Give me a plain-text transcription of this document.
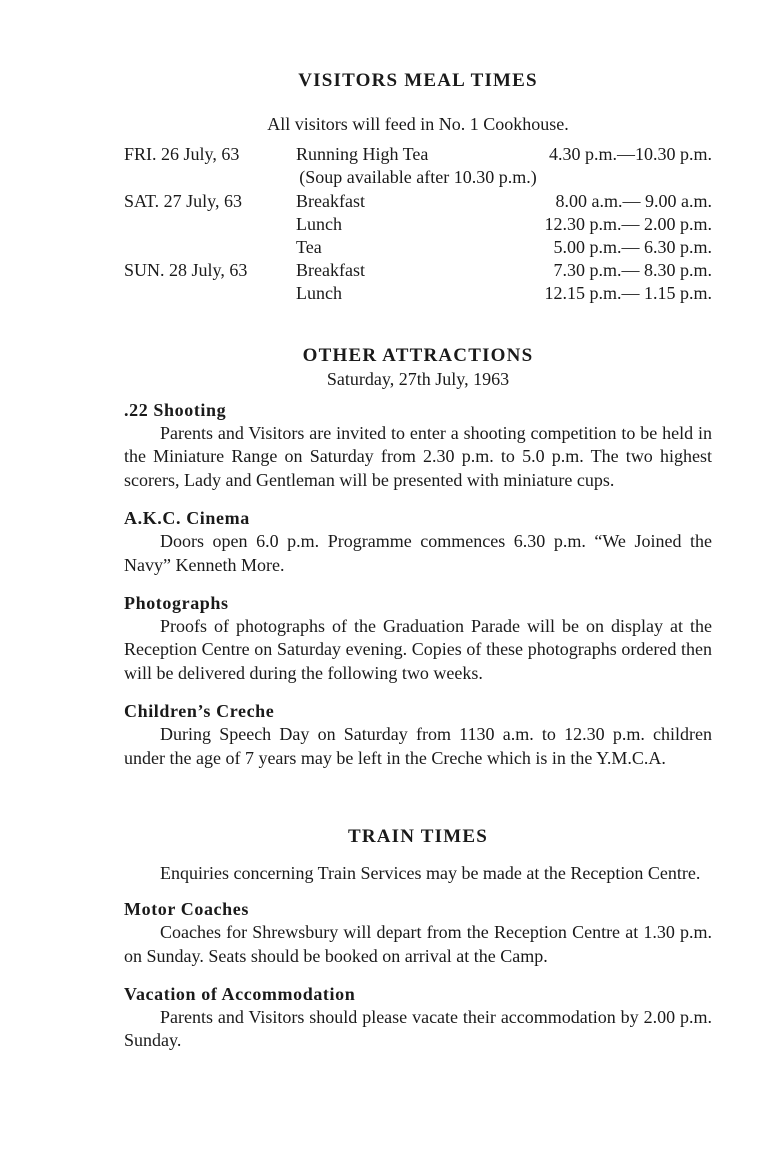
VISITORS MEAL TIMES

All visitors will feed in No. 1 Cookhouse.

FRI. 26 July, 63	Running High Tea	4.30 p.m.—10.30 p.m.
(Soup available after 10.30 p.m.)		
SAT. 27 July, 63	Breakfast	8.00 a.m.— 9.00 a.m.
	Lunch	12.30 p.m.— 2.00 p.m.
	Tea	5.00 p.m.— 6.30 p.m.
SUN. 28 July, 63	Breakfast	7.30 p.m.— 8.30 p.m.
	Lunch	12.15 p.m.— 1.15 p.m.
OTHER ATTRACTIONS

Saturday, 27th July, 1963

.22 Shooting

Parents and Visitors are invited to enter a shooting competition to be held in the Miniature Range on Saturday from 2.30 p.m. to 5.0 p.m. The two highest scorers, Lady and Gentleman will be presented with miniature cups.

A.K.C. Cinema

Doors open 6.0 p.m. Programme commences 6.30 p.m. “We Joined the Navy” Kenneth More.

Photographs

Proofs of photographs of the Graduation Parade will be on display at the Reception Centre on Saturday evening. Copies of these photographs ordered then will be delivered during the following two weeks.

Children’s Creche

During Speech Day on Saturday from 1130 a.m. to 12.30 p.m. children under the age of 7 years may be left in the Creche which is in the Y.M.C.A.

TRAIN TIMES

Enquiries concerning Train Services may be made at the Reception Centre.

Motor Coaches

Coaches for Shrewsbury will depart from the Reception Centre at 1.30 p.m. on Sunday. Seats should be booked on arrival at the Camp.

Vacation of Accommodation

Parents and Visitors should please vacate their accommodation by 2.00 p.m. Sunday.
